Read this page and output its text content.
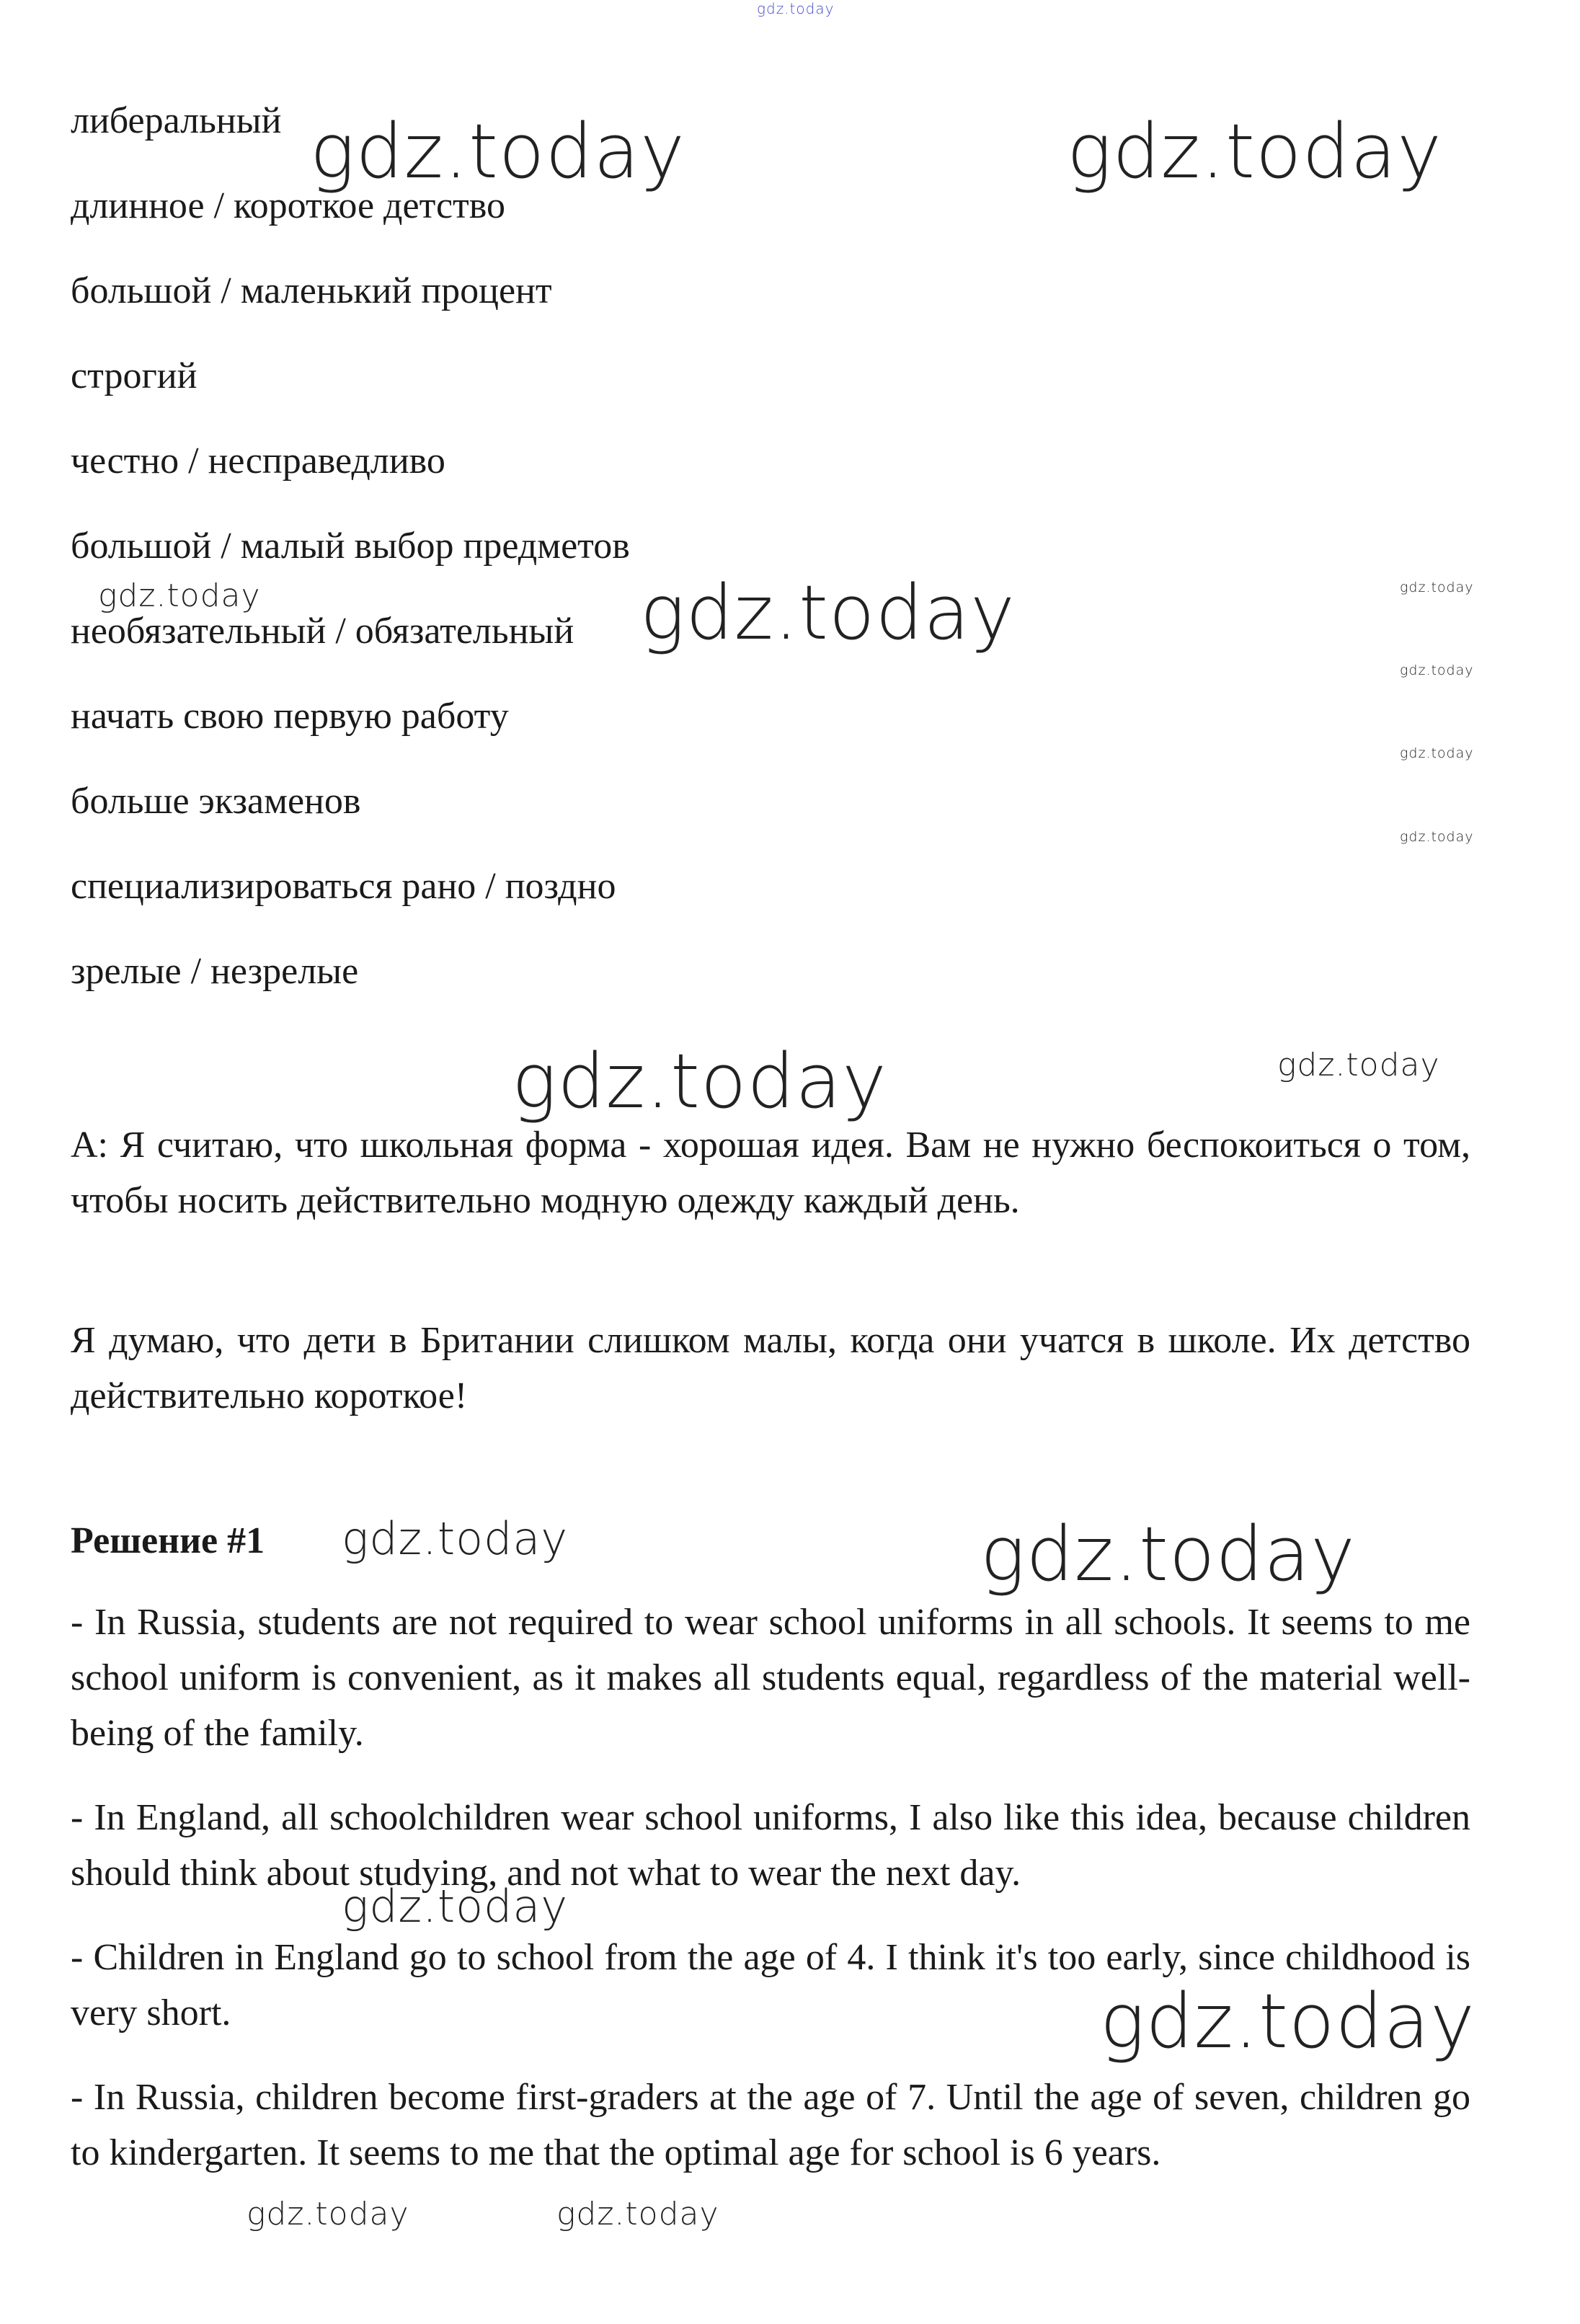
gdz.today
либеральный
длинное / короткое детство
большой / маленький процент
строгий
честно / несправедливо
большой / малый выбор предметов
необязательный / обязательный
начать свою первую работу
больше экзаменов
специализироваться рано / поздно
зрелые / незрелые
А: Я считаю, что школьная форма - хорошая идея. Вам не нужно беспокоиться о том, чтобы носить действительно модную одежду каждый день.
Я думаю, что дети в Британии слишком малы, когда они учатся в школе. Их детство действительно короткое!
Решение #1
- In Russia, students are not required to wear school uniforms in all schools. It seems to me school uniform is convenient, as it makes all students equal, regardless of the material well-being of the family.
- In England, all schoolchildren wear school uniforms, I also like this idea, because children should think about studying, and not what to wear the next day.
- Children in England go to school from the age of 4. I think it's too early, since childhood is very short.
- In Russia, children become first-graders at the age of 7. Until the age of seven, children go to kindergarten. It seems to me that the optimal age for school is 6 years.
gdz.today	gdz.today
gdz.today	gdz.today	gdz.today
gdz.today
gdz.today
gdz.today
gdz.today	gdz.today
gdz.today	gdz.today
gdz.today
gdz.today
gdz.today	gdz.today
